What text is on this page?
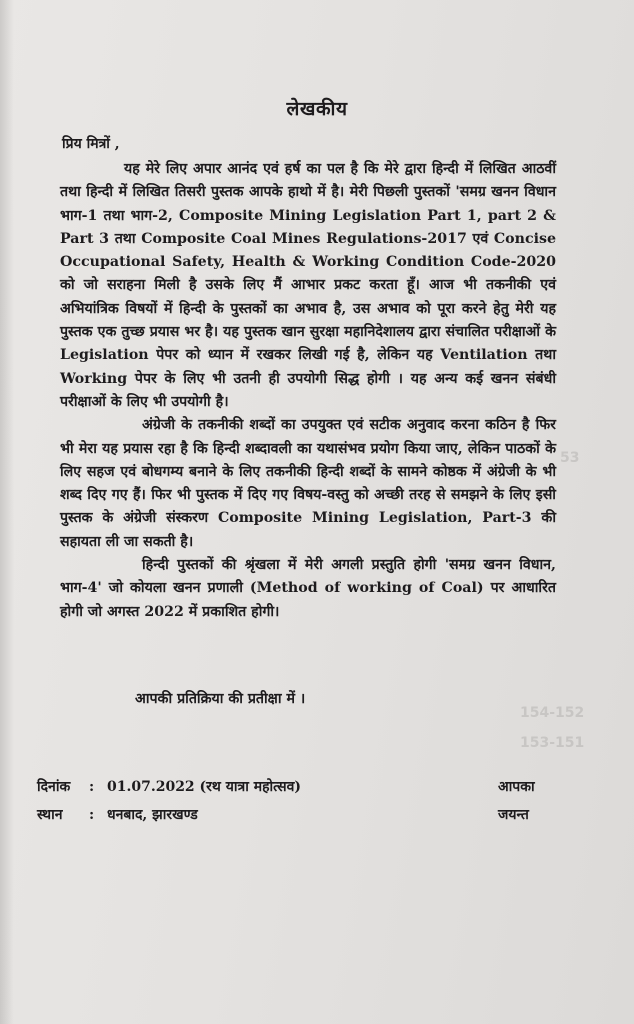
53
154-152
153-151
लेखकीय
प्रिय मित्रों ,

यह मेरे लिए अपार आनंद एवं हर्ष का पल है कि मेरे द्वारा हिन्दी में लिखित आठवीं तथा हिन्दी में लिखित तिसरी पुस्तक आपके हाथो में है। मेरी पिछली पुस्तकों 'समग्र खनन विधान भाग-1 तथा भाग-2, Composite Mining Legislation Part 1, part 2 & Part 3 तथा Composite Coal Mines Regulations-2017 एवं Concise Occupational Safety, Health & Working Condition Code-2020 को जो सराहना मिली है उसके लिए मैं आभार प्रकट करता हूँ। आज भी तकनीकी एवं अभियांत्रिक विषयों में हिन्दी के पुस्तकों का अभाव है, उस अभाव को पूरा करने हेतु मेरी यह पुस्तक एक तुच्छ प्रयास भर है। यह पुस्तक खान सुरक्षा महानिदेशालय द्वारा संचालित परीक्षाओं के Legislation पेपर को ध्यान में रखकर लिखी गई है, लेकिन यह Ventilation तथा Working पेपर के लिए भी उतनी ही उपयोगी सिद्ध होगी । यह अन्य कई खनन संबंधी परीक्षाओं के लिए भी उपयोगी है।

अंग्रेजी के तकनीकी शब्दों का उपयुक्त एवं सटीक अनुवाद करना कठिन है फिर भी मेरा यह प्रयास रहा है कि हिन्दी शब्दावली का यथासंभव प्रयोग किया जाए, लेकिन पाठकों के लिए सहज एवं बोधगम्य बनाने के लिए तकनीकी हिन्दी शब्दों के सामने कोष्ठक में अंग्रेजी के भी शब्द दिए गए हैं। फिर भी पुस्तक में दिए गए विषय-वस्तु को अच्छी तरह से समझने के लिए इसी पुस्तक के अंग्रेजी संस्करण Composite Mining Legislation, Part-3 की सहायता ली जा सकती है।

हिन्दी पुस्तकों की श्रृंखला में मेरी अगली प्रस्तुति होगी 'समग्र खनन विधान, भाग-4' जो कोयला खनन प्रणाली (Method of working of Coal) पर आधारित होगी जो अगस्त 2022 में प्रकाशित होगी।

आपकी प्रतिक्रिया की प्रतीक्षा में ।
दिनांक : 01.07.2022 (रथ यात्रा महोत्सव)
स्थान : धनबाद, झारखण्ड
आपका
जयन्त
